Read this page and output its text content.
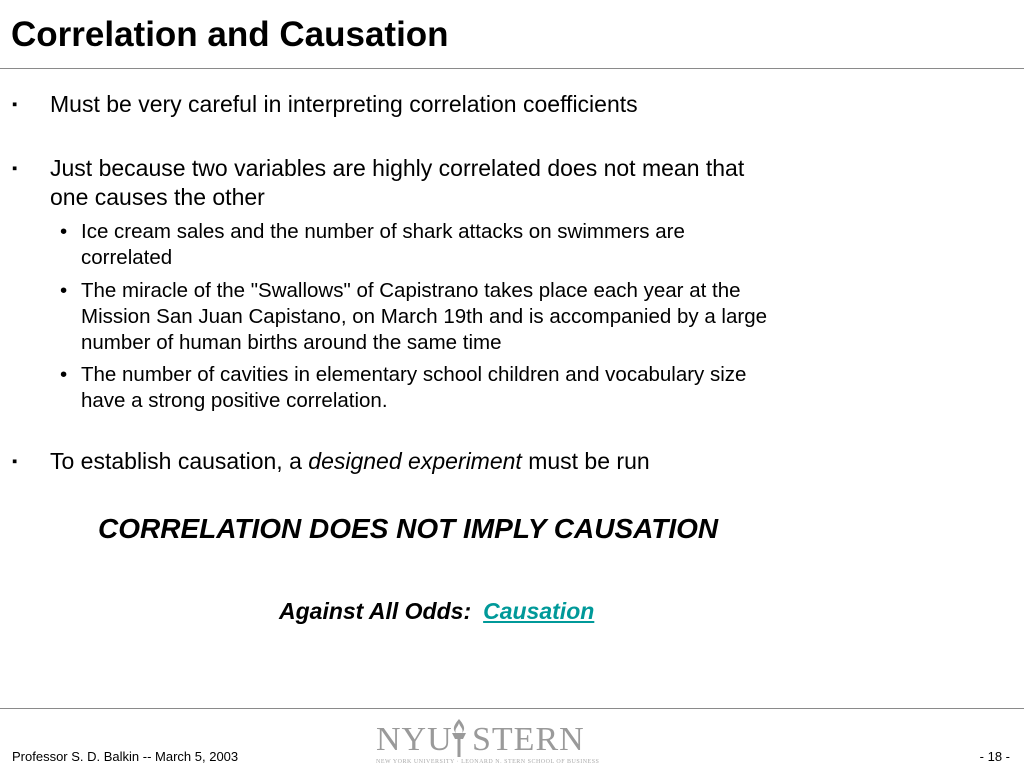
Correlation and Causation
▪ Must be very careful in interpreting correlation coefficients
▪ Just because two variables are highly correlated does not mean that
one causes the other
• Ice cream sales and the number of shark attacks on swimmers are
correlated
• The miracle of the "Swallows" of Capistrano takes place each year at the
Mission San Juan Capistano, on March 19th and is accompanied by a large
number of human births around the same time
• The number of cavities in elementary school children and vocabulary size
have a strong positive correlation.
▪ To establish causation, a designed experiment must be run
CORRELATION DOES NOT IMPLY CAUSATION
Against All Odds: Causation
Professor S. D. Balkin -- March 5, 2003	NYU STERN
NEW YORK UNIVERSITY · LEONARD N. STERN SCHOOL OF BUSINESS	- 18 -
